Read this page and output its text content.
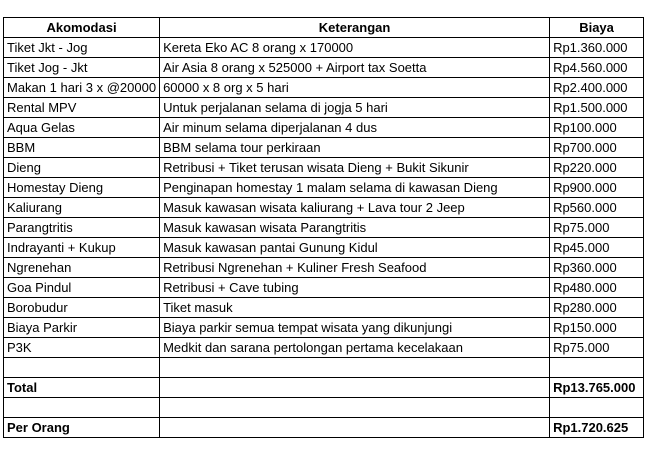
Akomodasi	Keterangan	Biaya
Tiket Jkt - Jog	Kereta Eko AC 8 orang x 170000	Rp1.360.000
Tiket Jog - Jkt	Air Asia 8 orang x 525000 + Airport tax Soetta	Rp4.560.000
Makan 1 hari 3 x @20000	60000 x 8 org x 5 hari	Rp2.400.000
Rental MPV	Untuk perjalanan selama di jogja 5 hari	Rp1.500.000
Aqua Gelas	Air minum selama diperjalanan 4 dus	Rp100.000
BBM	BBM selama tour perkiraan	Rp700.000
Dieng	Retribusi + Tiket terusan wisata Dieng + Bukit Sikunir	Rp220.000
Homestay Dieng	Penginapan homestay 1 malam selama di kawasan Dieng	Rp900.000
Kaliurang	Masuk kawasan wisata kaliurang + Lava tour 2 Jeep	Rp560.000
Parangtritis	Masuk kawasan wisata Parangtritis	Rp75.000
Indrayanti + Kukup	Masuk kawasan pantai Gunung Kidul	Rp45.000
Ngrenehan	Retribusi Ngrenehan + Kuliner Fresh Seafood	Rp360.000
Goa Pindul	Retribusi + Cave tubing	Rp480.000
Borobudur	Tiket masuk	Rp280.000
Biaya Parkir	Biaya parkir semua tempat wisata yang dikunjungi	Rp150.000
P3K	Medkit dan sarana pertolongan pertama kecelakaan	Rp75.000

Total		Rp13.765.000

Per Orang		Rp1.720.625
